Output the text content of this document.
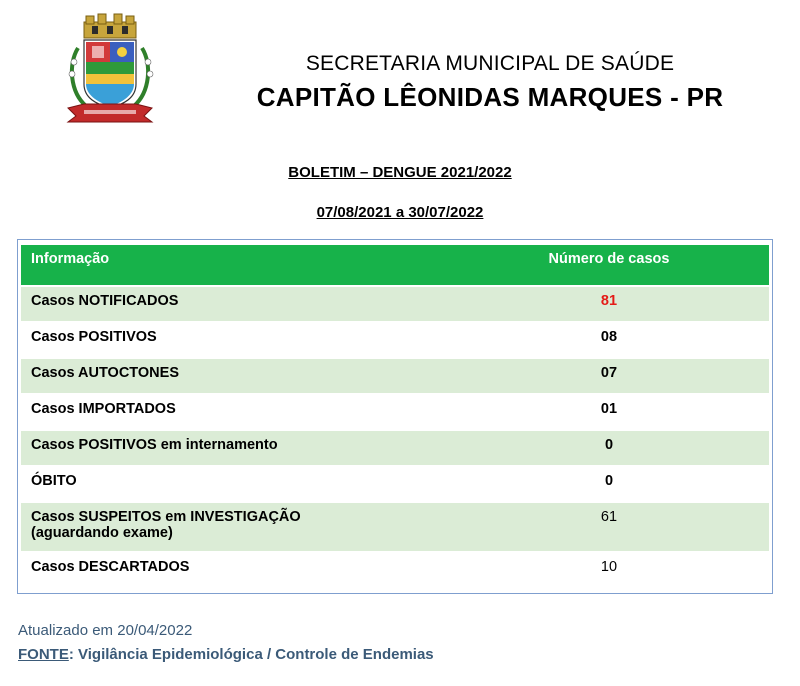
SECRETARIA MUNICIPAL DE SAÚDE
CAPITÃO LÊONIDAS MARQUES - PR
BOLETIM – DENGUE 2021/2022
07/08/2021 a 30/07/2022
Informação	Número de casos
Casos NOTIFICADOS	81
Casos POSITIVOS	08
Casos AUTOCTONES	07
Casos IMPORTADOS	01
Casos POSITIVOS em internamento	0
ÓBITO	0

Casos SUSPEITOS em INVESTIGAÇÃO
(aguardando exame)	61
Casos DESCARTADOS	10
Atualizado em 20/04/2022
FONTE: Vigilância Epidemiológica / Controle de Endemias
